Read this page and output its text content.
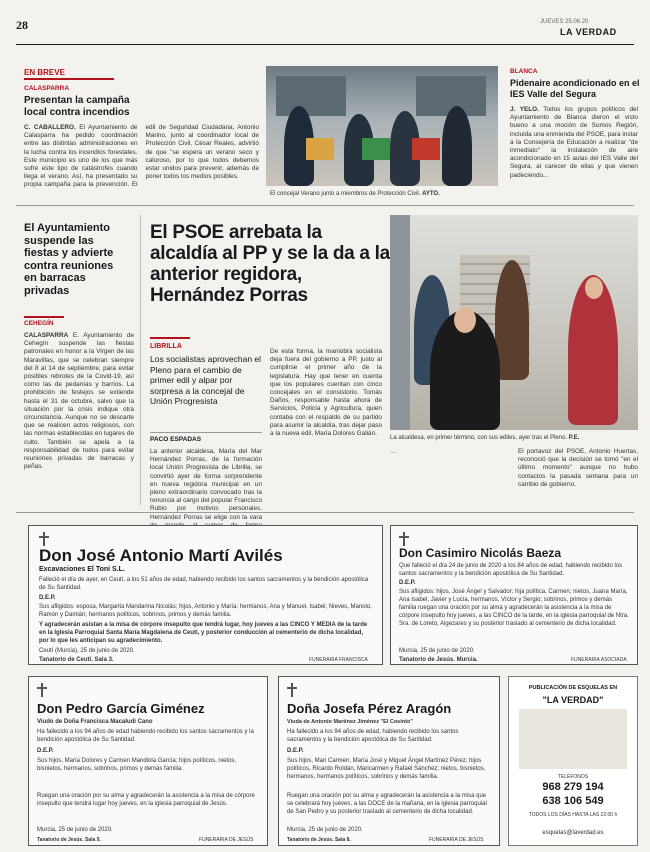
28	JUEVES 25.06.20
LA VERDAD
EN BREVE
CALASPARRA
Presentan la campaña local contra incendios
C. CABALLERO. El Ayuntamiento de Calasparra ha pedido coordinación entre las distintas administraciones en la lucha contra los incendios forestales. Este municipio es uno de los que más sufre este tipo de catástrofes cuando llega el verano. Así, ha presentado su propia campaña para la prevención. El edil de Seguridad Ciudadana, Antonio Marino, junto al coordinador local de Protección Civil, César Reales, advirtió de que "se espera un verano seco y caluroso, por lo que todos debemos estar unidos para prevenir, además de poner todos los medios posibles.
El concejal Verano junto a miembros de Protección Civil. AYTO.
BLANCA
Pidenaire acondicionado en el IES Valle del Segura
J. YELO. Todos los grupos políticos del Ayuntamiento de Blanca dieron el visto bueno a una moción de Somos Región, incluida una enmienda del PSOE, para instar a la Consejería de Educación a realizar "de inmediato" la instalación de aire acondicionado en 15 aulas del IES Valle del Segura, al carecer de ellas y que vienen padeciendo...
El Ayuntamiento suspende las fiestas y advierte contra reuniones en barracas privadas
CEHEGÍN
CALASPARRA E. Ayuntamiento de Cehegín suspende las fiestas patronales en honor a la Virgen de las Maravillas, que se celebran siempre del 8 al 14 de septiembre, para evitar posibles rebrotes de la Covid-19, así como las de pedanías y barrios. La prohibición de festejos se extiende hasta el 31 de octubre, salvo que la situación por la crisis indique otra circunstancia. Aunque no se descarte que se realicen actos religiosos, con las normas establecidas en lugares de culto. También se apela a la responsabilidad de todos para evitar reuniones privadas de barracas y peñas.
El PSOE arrebata la alcaldía al PP y se la da a la anterior regidora, Hernández Porras
LIBRILLA
Los socialistas aprovechan el Pleno para el cambio de primer edil y alpar por sorpresa a la concejal de Unión Progresista
PACO ESPADAS
La anterior alcaldesa, María del Mar Hernández Porras, de la formación local Unión Progresista de Librilla, se convirtió ayer de forma sorprendente en nueva regidora municipal en un pleno extraordinario convocado tras la renuncia al cargo del popular Francisco Rubio por motivos personales. Hernández Porras se elige con la vara
De esta forma, la maniobra socialista deja fuera del gobierno a PP, justo al cumplirse el primer año de la legislatura. Hay que tener en cuenta que los populares cuentan con cinco concejales en el consistorio. Tomás Daños, responsable hasta ahora de Servicios, Policía y Agricultura, quien contaba con el respaldo de su partido para asumir la alcaldía, tras dejar paso a la nueva edil, María Dolores Galián.
La alcaldesa, en primer término, con sus ediles, ayer tras el Pleno. P.E.
…	El portavoz del PSOE, Antonio Huertas, reconoció que la decisión se tomó "en el último momento" aunque no hubo contactos la pasada semana para un cambio de gobierno.
Don José Antonio Martí Avilés
Excavaciones El Toni S.L.
Falleció el día de ayer, en Ceutí, a los 51 años de edad, habiendo recibido los santos sacramentos y la bendición apostólica de Su Santidad.
D.E.P.
Sus afligidos: esposa, Margarita Mandarina Nicolás; hijos, Antonio y María; hermanos, Ana y Manuel, Isabel, Nieves, Manolo, Ramón y Damián; hermanos políticos, sobrinos, primos y demás familia.
Y agradecerán asistan a la misa de córpore insepulto que tendrá lugar, hoy jueves a las CINCO Y MEDIA de la tarde en la Iglesia Parroquial Santa María Magdalena de Ceutí, y posterior conducción al cementerio de dicha localidad, por lo que les anticipan su agradecimiento.
Ceutí (Murcia), 25 de junio de 2020.
Tanatorio de Ceutí. Sala 3.	FUNERARIA FRANCISCA
Don Casimiro Nicolás Baeza
Que falleció el día 24 de junio de 2020 a los 84 años de edad, habiendo recibido los santos sacramentos y la bendición apostólica de Su Santidad.
D.E.P.
Sus afligidos: hijos, José Ángel y Salvador; hija política, Carmen; nietos, Juana María, Ana Isabel, Javier y Lucía, hermanos, Víctor y Sergio; sobrinos, primos y demás familia ruegan una oración por su alma y agradecerán la asistencia a la misa de córpore insepulto hoy jueves, a las CINCO de la tarde, en la iglesia parroquial de Ntra. Sra. de Loreto, Algezares y su posterior traslado al cementerio de dicha localidad.
Murcia, 25 de junio de 2020.
Tanatorio de Jesús. Murcia.	FUNERARIA ASOCIADA
Don Pedro García Giménez
Viudo de Doña Francisca Macaludi Cano
Ha fallecido a los 94 años de edad habiendo recibido los santos sacramentos y la bendición apostólica de Su Santidad.
D.E.P.
Sus hijos, María Dolores y Carmen Mandiola García; hijos políticos, nietos, bisnietos, hermanos, sobrinos, primos y demás familia.
Ruegan una oración por su alma y agradecerán la asistencia a la misa de córpore insepulto que tendrá lugar hoy jueves, en la iglesia parroquial de Jesús.
Murcia, 25 de junio de 2020.
Tanatorio de Jesús. Sala 9.	FUNERARIA DE JESÚS
Doña Josefa Pérez Aragón
Viuda de Antonio Martínez Jiménez "El Cosinto"
Ha fallecido a los 94 años de edad, habiendo recibido los santos sacramentos y la bendición apostólica de Su Santidad.
D.E.P.
Sus hijos, Mari Carmen, María José y Miguel Ángel Martínez Pérez; hijos políticos, Ricardo Roldán, Maricarmen y Rafael Sánchez; nietos, bisnietos, hermanos, hermanos políticos, sobrinos y demás familia.
Ruegan una oración por su alma y agradecerán la asistencia a la misa que se celebrará hoy jueves, a las DOCE de la mañana, en la iglesia parroquial de San Pedro y su posterior traslado al cementerio de dicha localidad.
Murcia, 25 de junio de 2020.
Tanatorio de Jesús. Sala 8.	FUNERARIA DE JESÚS
PUBLICACIÓN DE ESQUELAS EN
"LA VERDAD"
TELÉFONOS
968 279 194
638 106 549
TODOS LOS DÍAS HASTA LAS 22:00 h
esquelas@laverdad.es
